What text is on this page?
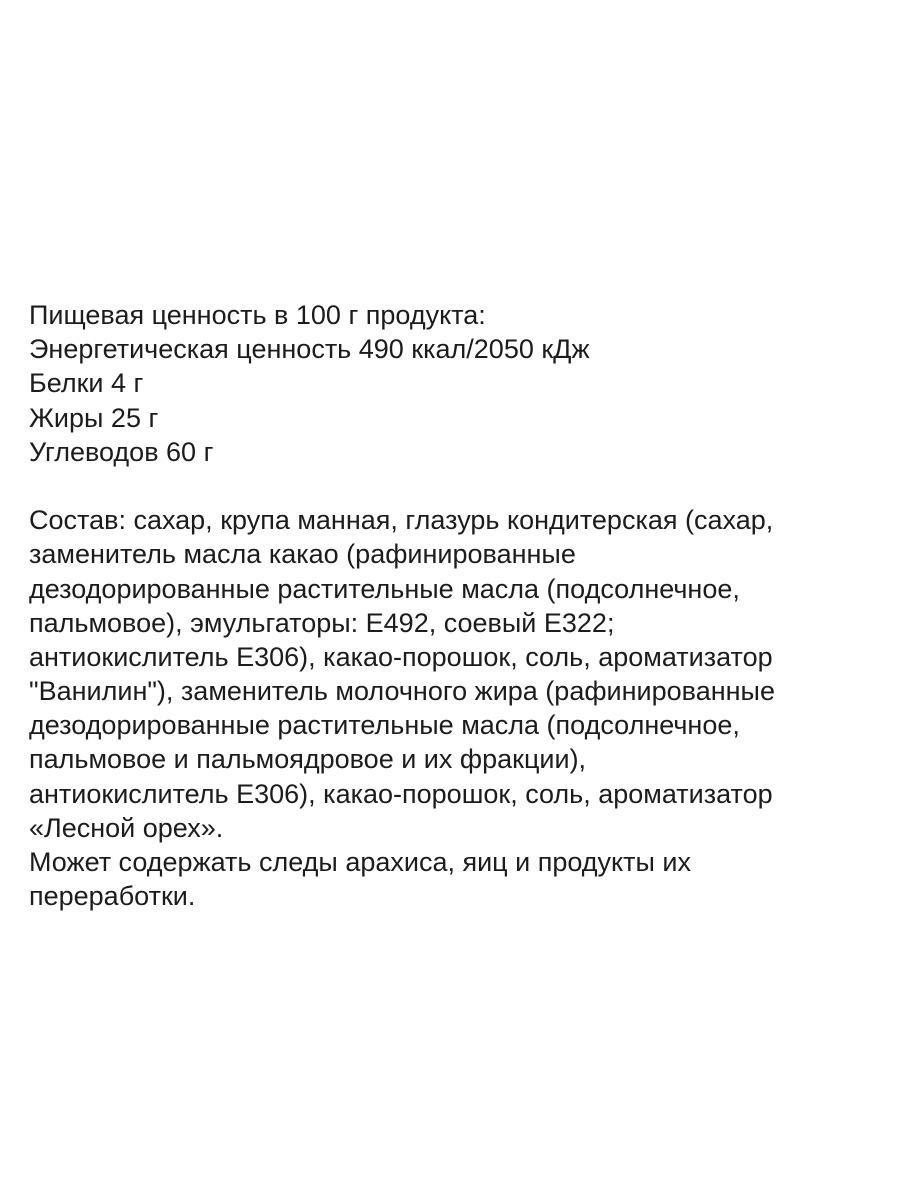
Пищевая ценность в 100 г продукта:
Энергетическая ценность 490 ккал/2050 кДж
Белки 4 г
Жиры 25 г
Углеводов 60 г
Состав: сахар, крупа манная, глазурь кондитерская (сахар,
заменитель масла какао (рафинированные
дезодорированные растительные масла (подсолнечное,
пальмовое), эмульгаторы: Е492, соевый Е322;
антиокислитель Е306), какао-порошок, соль, ароматизатор
"Ванилин"), заменитель молочного жира (рафинированные
дезодорированные растительные масла (подсолнечное,
пальмовое и пальмоядровое и их фракции),
антиокислитель Е306), какао-порошок, соль, ароматизатор
«Лесной орех».
Может содержать следы арахиса, яиц и продукты их
переработки.
